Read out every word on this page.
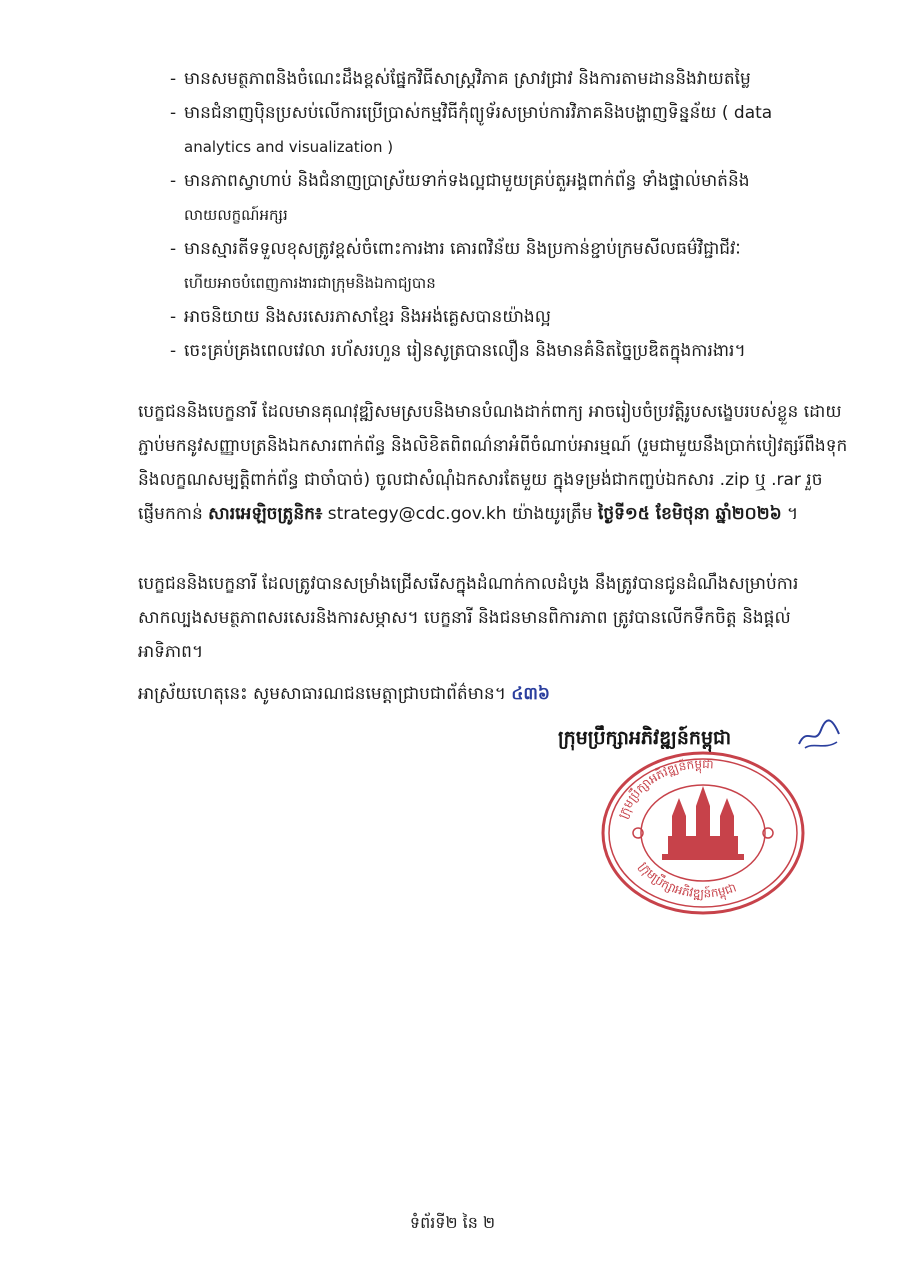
- មានសមត្ថភាពនិងចំណេះដឹងខ្ពស់ផ្នែកវិធីសាស្ត្រវិភាគ ស្រាវជ្រាវ និងការតាមដាននិងវាយតម្លៃ
- មានជំនាញប៉ិនប្រសប់លើការប្រើប្រាស់កម្មវិធីកុំព្យូទ័រសម្រាប់ការវិភាគនិងបង្ហាញទិន្នន័យ ( data
analytics and visualization )
- មានភាពស្វាហាប់ និងជំនាញប្រាស្រ័យទាក់ទងល្អជាមួយគ្រប់តួអង្គពាក់ព័ន្ធ ទាំងផ្ទាល់មាត់និង
លាយលក្ខណ៍អក្សរ
- មានស្មារតីទទួលខុសត្រូវខ្ពស់ចំពោះការងារ គោរពវិន័យ និងប្រកាន់ខ្ជាប់ក្រមសីលធម៌វិជ្ជាជីវៈ
ហើយអាចបំពេញការងារជាក្រុមនិងឯកាជ្យបាន
- អាចនិយាយ និងសរសេរភាសាខ្មែរ និងអង់គ្លេសបានយ៉ាងល្អ
- ចេះគ្រប់គ្រងពេលវេលា រហ័សរហួន រៀនសូត្របានលឿន និងមានគំនិតច្នៃប្រឌិតក្នុងការងារ។

បេក្ខជននិងបេក្ខនារី ដែលមានគុណវុឌ្ឍិសមស្របនិងមានបំណងដាក់ពាក្យ អាចរៀបចំប្រវត្តិរូបសង្ខេបរបស់ខ្លួន ដោយភ្ជាប់មកនូវសញ្ញាបត្រនិងឯកសារពាក់ព័ន្ធ និងលិខិតពិពណ៌នាអំពីចំណាប់អារម្មណ៍ (រួមជាមួយនឹងប្រាក់បៀវត្សរ៍ពឹងទុក និងលក្ខណសម្បត្តិពាក់ព័ន្ធ ជាចាំបាច់) ចូលជាសំណុំឯកសារតែមួយ ក្នុងទម្រង់ជាកញ្ចប់ឯកសារ .zip ឬ .rar រួចផ្ញើមកកាន់ សារអេឡិចត្រូនិក៖ strategy@cdc.gov.kh យ៉ាងយូរត្រឹម ថ្ងៃទី១៥ ខែមិថុនា ឆ្នាំ២០២៦ ។

បេក្ខជននិងបេក្ខនារី ដែលត្រូវបានសម្រាំងជ្រើសរើសក្នុងដំណាក់កាលដំបូង នឹងត្រូវបានជូនដំណឹងសម្រាប់ការសាកល្បងសមត្ថភាពសរសេរនិងការសម្ភាស។ បេក្ខនារី និងជនមានពិការភាព ត្រូវបានលើកទឹកចិត្ត និងផ្តល់អាទិភាព។

អាស្រ័យហេតុនេះ សូមសាធារណជនមេត្តាជ្រាបជាព័ត៌មាន។ ៤៣៦

ក្រុមប្រឹក្សាអភិវឌ្ឍន៍កម្ពុជា
ក្រុមប្រឹក្សាអភិវឌ្ឍន៍កម្ពុជា
ក្រុមប្រឹក្សាអភិវឌ្ឍន៍កម្ពុជា
ទំព័រទី២ នៃ ២
